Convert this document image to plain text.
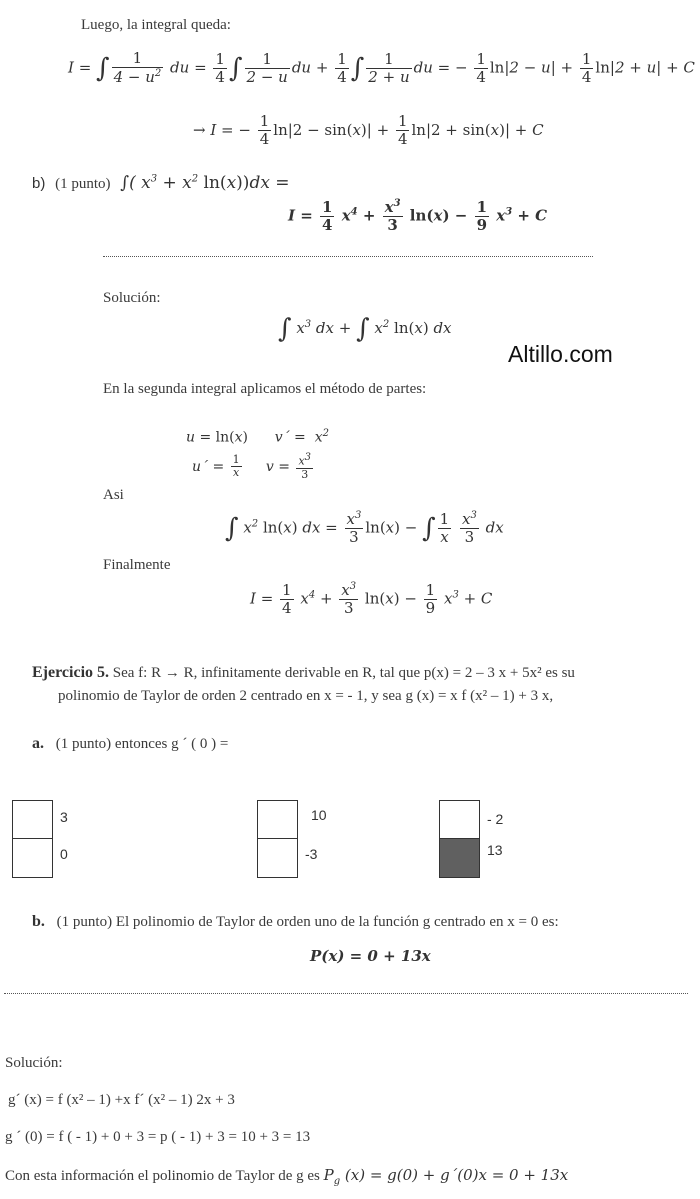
Luego, la integral queda:
I = ∫ $\frac{1}{4 - u^2}$ du = $\frac{1}{4}$ ∫ $\frac{1}{2 - u}$ du + $\frac{1}{4}$ ∫ $\frac{1}{2 + u}$ du = − $\frac{1}{4} \ln|2 - u| + \frac{1}{4} \ln|2 + u| + C$
→ I = − $\frac{1}{4} \ln|2 - \sin(x)| + \frac{1}{4} \ln|2 + \sin(x)| + C$
b) (1 punto) ∫( $x^3 + x^2$ ln(x))dx =
$I = \frac{1}{4} x^4 + \frac{x^3}{3} \ln(x) - \frac{1}{9} x^3 + C$
Solución:
∫ $x^3$ dx + ∫ $x^2$ ln(x) dx
Altillo.com
En la segunda integral aplicamos el método de partes:
u = ln(x)      v´ =  $x^2$
u´ = $\frac{1}{x}$ $v = \frac{x^3}{3}$
Asi
∫ $x^2$ ln(x) dx = $\frac{x^3}{3} \ln(x)$ − ∫ $\frac{1}{x}$
$\frac{x^3}{3}$ dx
Finalmente
$I = \frac{1}{4} x^4 + \frac{x^3}{3} \ln(x) - \frac{1}{9} x^3 + C$
Ejercicio 5. Sea f: R → R, infinitamente derivable en R, tal que p(x) = 2 – 3 x + 5x² es su
polinomio de Taylor de orden 2 centrado en x = - 1, y sea g (x) = x f (x² – 1) + 3 x,
a. (1 punto) entonces g ´ ( 0 ) =
3
0
10
-3
- 2
13
b. (1 punto) El polinomio de Taylor de orden uno de la función g centrado en x = 0 es:
P(x) = 0 + 13x
Solución:
g´ (x) = f (x² – 1) +x f´ (x² – 1) 2x + 3
g ´ (0) = f ( - 1) + 0 + 3 = p ( - 1) + 3 = 10 + 3 = 13
Con esta información el polinomio de Taylor de g es $P_g$ (x) = g(0) + g´(0)x = 0 + 13x
